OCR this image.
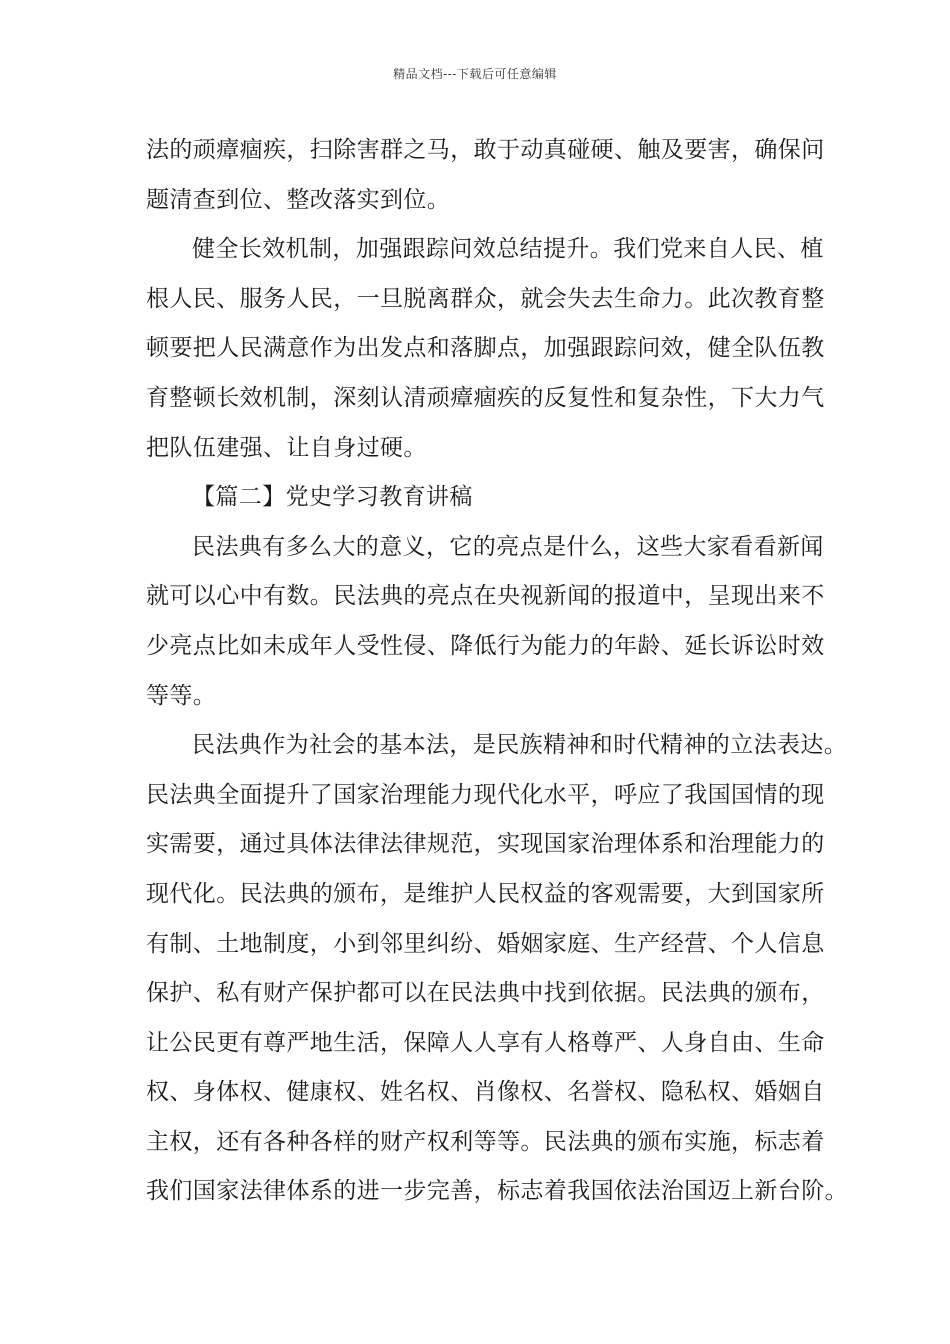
精品文档---下载后可任意编辑
法的顽瘴痼疾，扫除害群之马，敢于动真碰硬、触及要害，确保问
题清查到位、整改落实到位。
健全长效机制，加强跟踪问效总结提升。我们党来自人民、植
根人民、服务人民，一旦脱离群众，就会失去生命力。此次教育整
顿要把人民满意作为出发点和落脚点，加强跟踪问效，健全队伍教
育整顿长效机制，深刻认清顽瘴痼疾的反复性和复杂性，下大力气
把队伍建强、让自身过硬。
【篇二】党史学习教育讲稿
民法典有多么大的意义，它的亮点是什么，这些大家看看新闻
就可以心中有数。民法典的亮点在央视新闻的报道中，呈现出来不
少亮点比如未成年人受性侵、降低行为能力的年龄、延长诉讼时效
等等。
民法典作为社会的基本法，是民族精神和时代精神的立法表达。
民法典全面提升了国家治理能力现代化水平，呼应了我国国情的现
实需要，通过具体法律法律规范，实现国家治理体系和治理能力的
现代化。民法典的颁布，是维护人民权益的客观需要，大到国家所
有制、土地制度，小到邻里纠纷、婚姻家庭、生产经营、个人信息
保护、私有财产保护都可以在民法典中找到依据。民法典的颁布，
让公民更有尊严地生活，保障人人享有人格尊严、人身自由、生命
权、身体权、健康权、姓名权、肖像权、名誉权、隐私权、婚姻自
主权，还有各种各样的财产权利等等。民法典的颁布实施，标志着
我们国家法律体系的进一步完善，标志着我国依法治国迈上新台阶。
